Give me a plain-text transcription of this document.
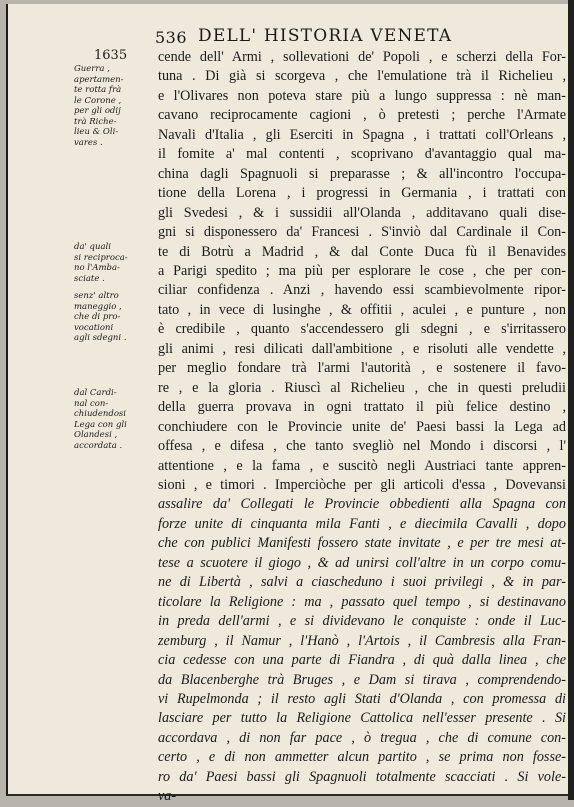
536 DELL' HISTORIA VENETA
1635
Guerra ,
apertamen-
te rotta frà
le Corone ,
per gli odij
trà Riche-
lieu & Oli-
vares .
da' quali
si reciproca-
no l'Amba-
sciate .
senz' altro
maneggio ,
che di pro-
vocationi
agli sdegni .
dal Cardi-
nal con-
chiudendosi
Lega con gli
Olandesi ,
accordata .
cende dell' Armi , sollevationi de' Popoli , e scherzi della For-
tuna . Di già si scorgeva , che l'emulatione trà il Richelieu ,
e l'Olivares non poteva stare più a lungo suppressa : nè man-
cavano reciprocamente cagioni , ò pretesti ; perche l'Armate
Navali d'Italia , gli Eserciti in Spagna , i trattati coll'Orleans ,
il fomite a' mal contenti , scoprivano d'avantaggio qual ma-
china dagli Spagnuoli si preparasse ; & all'incontro l'occupa-
tione della Lorena , i progressi in Germania , i trattati con
gli Svedesi , & i sussidii all'Olanda , additavano quali dise-
gni si disponessero da' Francesi . S'inviò dal Cardinale il Con-
te di Botrù a Madrid , & dal Conte Duca fù il Benavides
a Parigi spedito ; ma più per esplorare le cose , che per con-
ciliar confidenza . Anzi , havendo essi scambievolmente ripor-
tato , in vece di lusinghe , & offitii , aculei , e punture , non
è credibile , quanto s'accendessero gli sdegni , e s'irritassero
gli animi , resi dilicati dall'ambitione , e risoluti alle vendette ,
per meglio fondare trà l'armi l'autorità , e sostenere il favo-
re , e la gloria . Riuscì al Richelieu , che in questi preludii
della guerra provava in ogni trattato il più felice destino ,
conchiudere con le Provincie unite de' Paesi bassi la Lega ad
offesa , e difesa , che tanto svegliò nel Mondo i discorsi , l'
attentione , e la fama , e suscitò negli Austriaci tante appren-
sioni , e timori . Imperciòche per gli articoli d'essa , Dovevansi
assalire da' Collegati le Provincie obbedienti alla Spagna con
forze unite di cinquanta mila Fanti , e diecimila Cavalli , dopo
che con publici Manifesti fossero state invitate , e per tre mesi at-
tese a scuotere il giogo , & ad unirsi coll'altre in un corpo comu-
ne di Libertà , salvi a ciascheduno i suoi privilegi , & in par-
ticolare la Religione : ma , passato quel tempo , si destinavano
in preda dell'armi , e si dividevano le conquiste : onde il Luc-
zemburg , il Namur , l'Hanò , l'Artois , il Cambresis alla Fran-
cia cedesse con una parte di Fiandra , di quà dalla linea , che
da Blacenberghe trà Bruges , e Dam si tirava , comprendendo-
vi Rupelmonda ; il resto agli Stati d'Olanda , con promessa di
lasciare per tutto la Religione Cattolica nell'esser presente . Si
accordava , di non far pace , ò tregua , che di comune con-
certo , e di non ammetter alcun partito , se prima non fosse-
ro da' Paesi bassi gli Spagnuoli totalmente scacciati . Si vole-
va-
